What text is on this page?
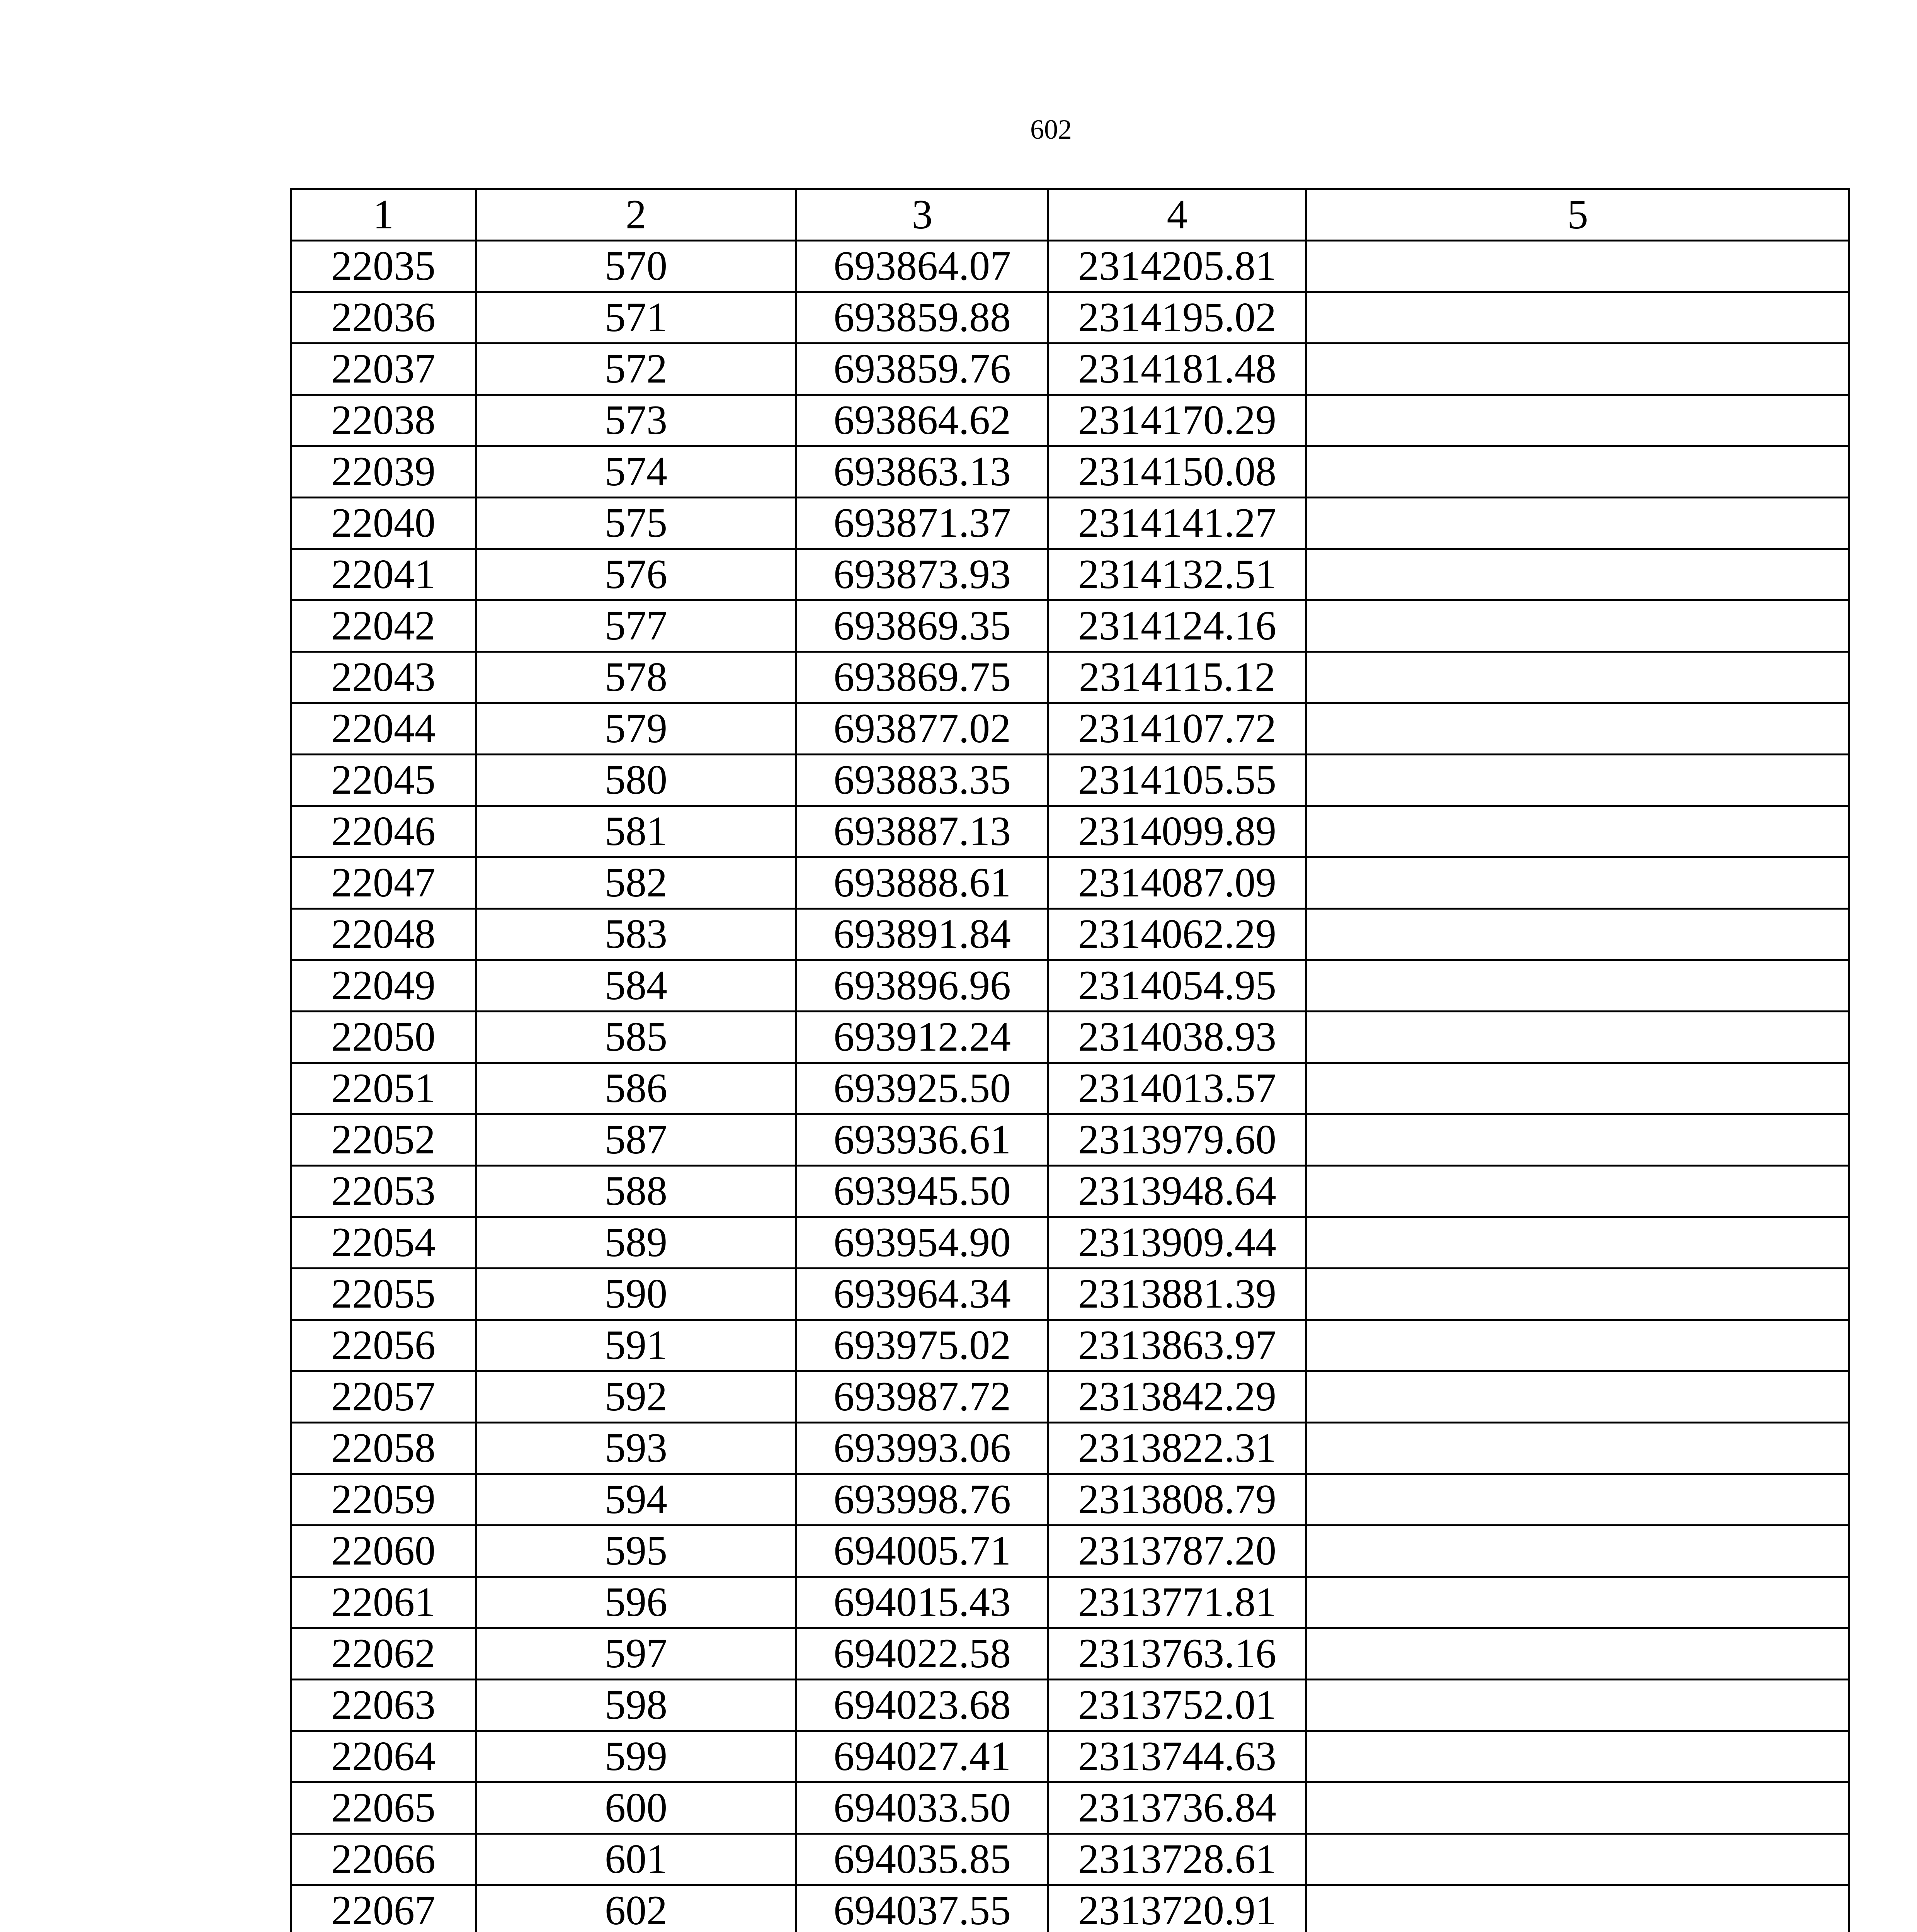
602
1	2	3	4	5
22035	570	693864.07	2314205.81	
22036	571	693859.88	2314195.02	
22037	572	693859.76	2314181.48	
22038	573	693864.62	2314170.29	
22039	574	693863.13	2314150.08	
22040	575	693871.37	2314141.27	
22041	576	693873.93	2314132.51	
22042	577	693869.35	2314124.16	
22043	578	693869.75	2314115.12	
22044	579	693877.02	2314107.72	
22045	580	693883.35	2314105.55	
22046	581	693887.13	2314099.89	
22047	582	693888.61	2314087.09	
22048	583	693891.84	2314062.29	
22049	584	693896.96	2314054.95	
22050	585	693912.24	2314038.93	
22051	586	693925.50	2314013.57	
22052	587	693936.61	2313979.60	
22053	588	693945.50	2313948.64	
22054	589	693954.90	2313909.44	
22055	590	693964.34	2313881.39	
22056	591	693975.02	2313863.97	
22057	592	693987.72	2313842.29	
22058	593	693993.06	2313822.31	
22059	594	693998.76	2313808.79	
22060	595	694005.71	2313787.20	
22061	596	694015.43	2313771.81	
22062	597	694022.58	2313763.16	
22063	598	694023.68	2313752.01	
22064	599	694027.41	2313744.63	
22065	600	694033.50	2313736.84	
22066	601	694035.85	2313728.61	
22067	602	694037.55	2313720.91	
